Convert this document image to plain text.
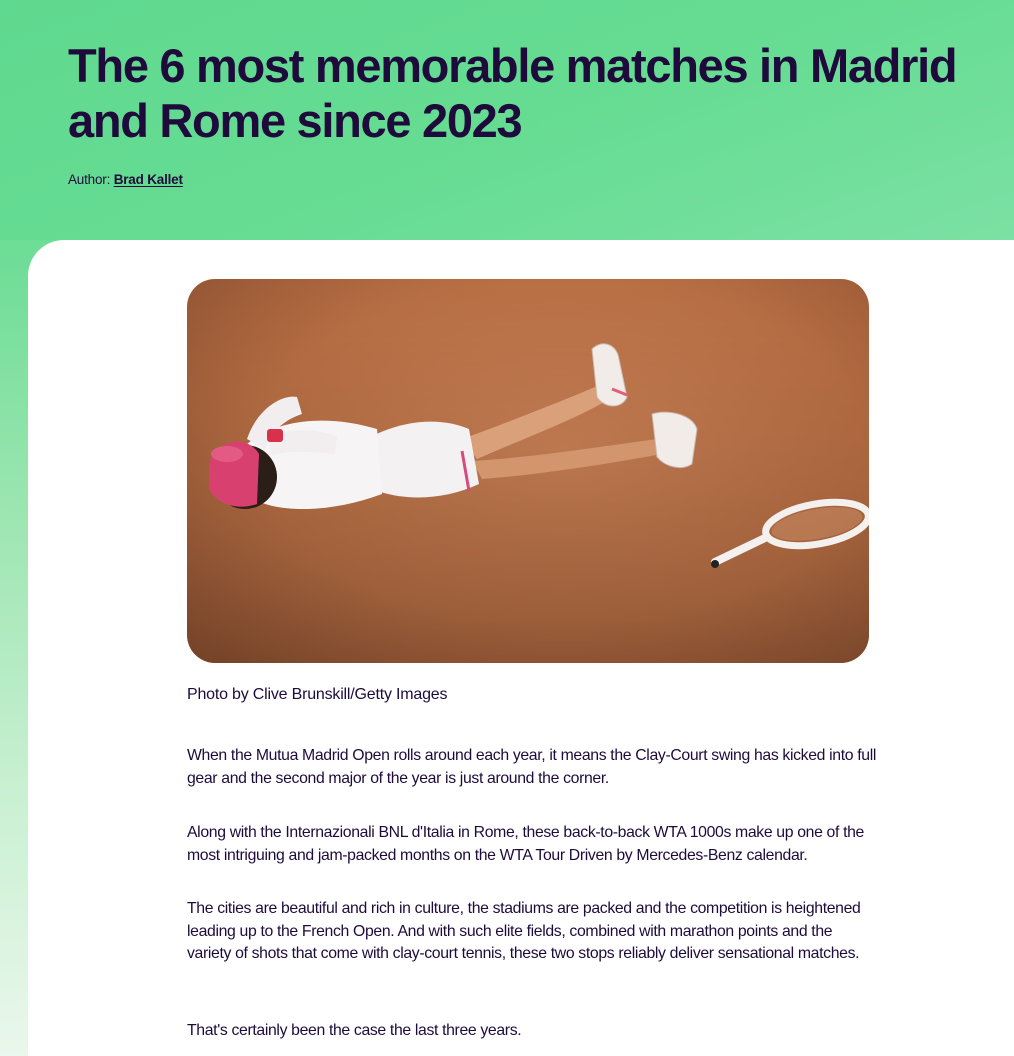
The 6 most memorable matches in Madrid and Rome since 2023
Author: Brad Kallet
Photo by Clive Brunskill/Getty Images

When the Mutua Madrid Open rolls around each year, it means the Clay-Court swing has kicked into full gear and the second major of the year is just around the corner.

Along with the Internazionali BNL d'Italia in Rome, these back-to-back WTA 1000s make up one of the most intriguing and jam-packed months on the WTA Tour Driven by Mercedes-Benz calendar.

The cities are beautiful and rich in culture, the stadiums are packed and the competition is heightened leading up to the French Open. And with such elite fields, combined with marathon points and the variety of shots that come with clay-court tennis, these two stops reliably deliver sensational matches.

That's certainly been the case the last three years.
